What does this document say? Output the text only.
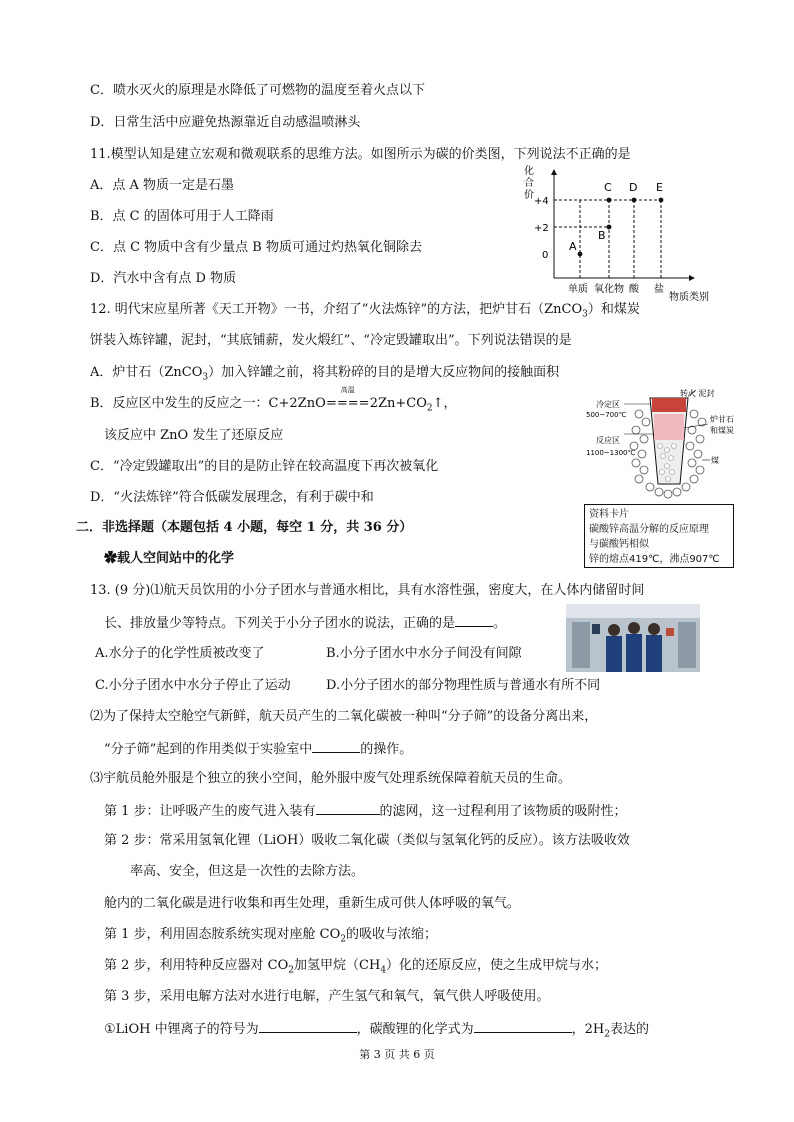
C．喷水灭火的原理是水降低了可燃物的温度至着火点以下
D．日常生活中应避免热源靠近自动感温喷淋头
11.模型认知是建立宏观和微观联系的思维方法。如图所示为碳的价类图，下列说法不正确的是
A．点 A 物质一定是石墨
B．点 C 的固体可用于人工降雨
C．点 C 物质中含有少量点 B 物质可通过灼热氧化铜除去
D．汽水中含有点 D 物质
化
合
价
+4
+2
0
A
B
C D E
单质 氧化物 酸 盐
物质类别
12. 明代宋应星所著《天工开物》一书，介绍了“火法炼锌”的方法，把炉甘石（ZnCO$_3$）和煤炭
饼装入炼锌罐，泥封，“其底铺薪，发火煅红”、“冷定毁罐取出”。下列说法错误的是
A．炉甘石（ZnCO$_3$）加入锌罐之前，将其粉碎的目的是增大反应物间的接触面积
B．反应区中发生的反应之一：C+2ZnO
高温
$====2Zn+CO_2↑$，
该反应中 ZnO 发生了还原反应
C．“冷定毁罐取出”的目的是防止锌在较高温度下再次被氧化
D．“火法炼锌”符合低碳发展理念，有利于碳中和
转火 泥封
冷定区
500~700℃
反应区
1100~1300℃
炉甘石
和煤炭
煤
资料卡片
碳酸锌高温分解的反应原理
与碳酸钙相似
锌的熔点419℃，沸点907℃
二．非选择题（本题包括 4 小题，每空 1 分，共 36 分）
✿载人空间站中的化学
13. (9 分)⑴航天员饮用的小分子团水与普通水相比，具有水溶性强，密度大，在人体内储留时间
长、排放量少等特点。下列关于小分子团水的说法，正确的是	。
A.水分子的化学性质被改变了	B.小分子团水中水分子间没有间隙
C.小分子团水中水分子停止了运动	D.小分子团水的部分物理性质与普通水有所不同
⑵为了保持太空舱空气新鲜，航天员产生的二氧化碳被一种叫“分子筛”的设备分离出来，
“分子筛”起到的作用类似于实验室中	的操作。
⑶宇航员舱外服是个独立的狭小空间，舱外服中废气处理系统保障着航天员的生命。
第 1 步：让呼吸产生的废气进入装有	的滤网，这一过程利用了该物质的吸附性；
第 2 步：常采用氢氧化锂（LiOH）吸收二氧化碳（类似与氢氧化钙的反应）。该方法吸收效
率高、安全，但这是一次性的去除方法。
舱内的二氧化碳是进行收集和再生处理，重新生成可供人体呼吸的氧气。
第 1 步，利用固态胺系统实现对座舱 $CO_2$的吸收与浓缩；
第 2 步，利用特种反应器对 $CO_2$加氢甲烷$(CH_4)$化的还原反应，使之生成甲烷与水；
第 3 步，采用电解方法对水进行电解，产生氢气和氧气，氧气供人呼吸使用。
①LiOH 中锂离子的符号为	，碳酸锂的化学式为	，$2H_2$表达的
第 3 页 共 6 页
